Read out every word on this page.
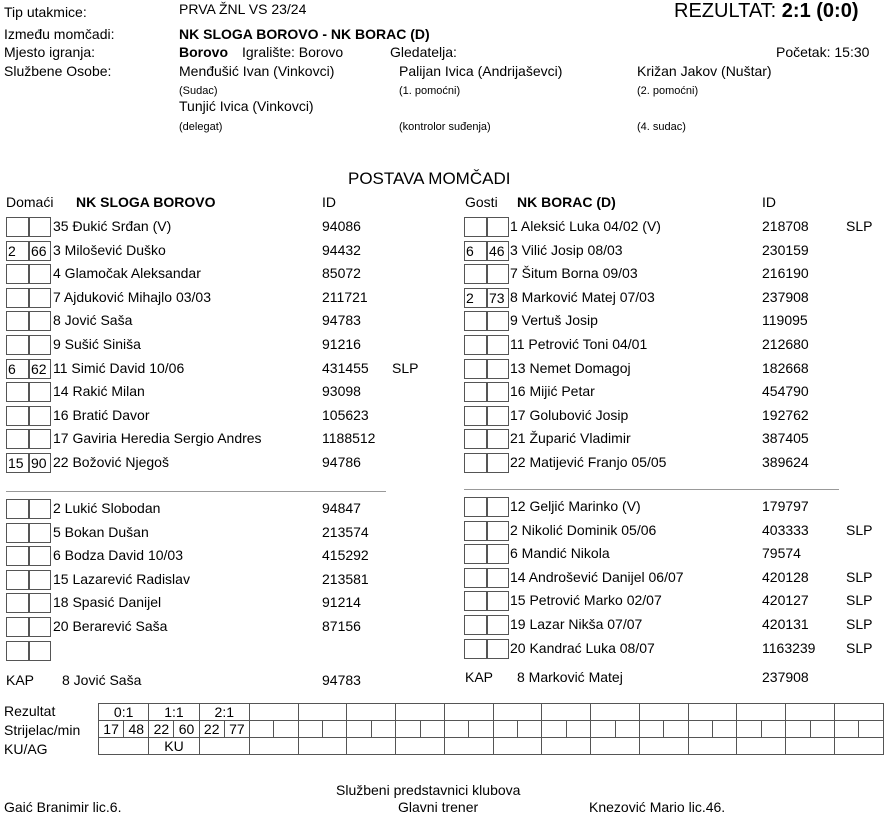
Tip utakmice:	PRVA ŽNL VS 23/24	REZULTAT: 2:1 (0:0)
Između momčadi:	NK SLOGA BOROVO - NK BORAC (D)
Mjesto igranja:	Borovo Igralište: Borovo	Gledatelja:	Početak: 15:30
Službene Osobe:	Menđušić Ivan (Vinkovci)
(Sudac)
Palijan Ivica (Andrijaševci)
(1. pomoćni)
Križan Jakov (Nuštar)
(2. pomoćni)
Tunjić Ivica (Vinkovci)
(delegat)	(kontrolor suđenja)	(4. sudac)
POSTAVA MOMČADI
Domaći NK SLOGA BOROVO	ID	Gosti NK BORAC (D)	ID
35 Đukić Srđan (V)	94086
2	66 3 Milošević Duško	94432
4 Glamočak Aleksandar	85072
7 Ajduković Mihajlo 03/03	211721
8 Jović Saša	94783
9 Sušić Siniša	91216
6	62 11 Simić David 10/06	431455 SLP
14 Rakić Milan	93098
16 Bratić Davor	105623
17 Gaviria Heredia Sergio Andres	1188512
15 90 22 Božović Njegoš	94786
2 Lukić Slobodan	94847
5 Bokan Dušan	213574
6 Bodza David 10/03	415292
15 Lazarević Radislav	213581
18 Spasić Danijel	91214
20 Berarević Saša	87156
1 Aleksić Luka 04/02 (V)	218708	SLP
6	46 3 Vilić Josip 08/03	230159
7 Šitum Borna 09/03	216190
2	73 8 Marković Matej 07/03	237908
9 Vertuš Josip	119095
11 Petrović Toni 04/01	212680
13 Nemet Domagoj	182668
16 Mijić Petar	454790
17 Golubović Josip	192762
21 Župarić Vladimir	387405
22 Matijević Franjo 05/05	389624
12 Geljić Marinko (V)	179797
2 Nikolić Dominik 05/06	403333	SLP
6 Mandić Nikola	79574
14 Androšević Danijel 06/07	420128	SLP
15 Petrović Marko 02/07	420127	SLP
19 Lazar Nikša 07/07	420131	SLP
20 Kandrać Luka 08/07	1163239 SLP
KAP 8 Jović Saša	94783	KAP 8 Marković Matej	237908
Rezultat
Strijelac/min
KU/AG
0:1		1:1		2:1																											
17	48	22	60	22	77																										
		KU																													
Službeni predstavnici klubova
Gaić Branimir lic.6.	Glavni trener	Knezović Mario lic.46.
